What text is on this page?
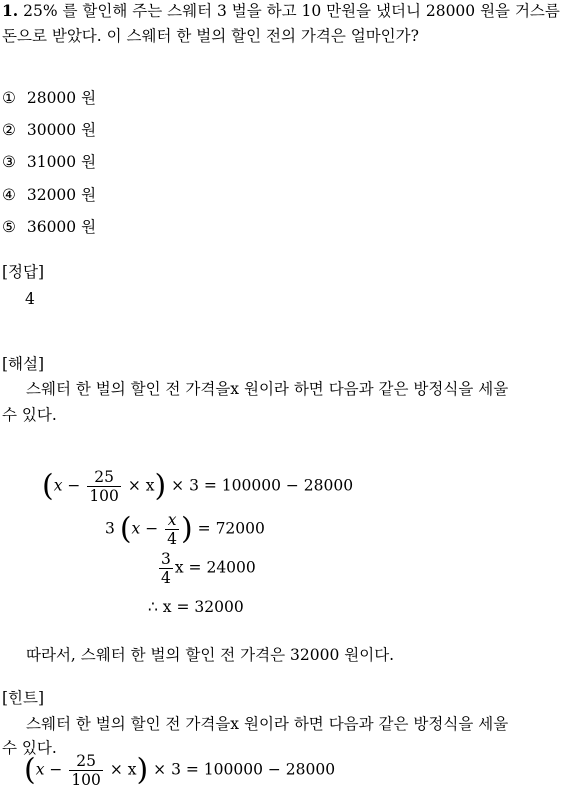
1. 25% 를 할인해 주는 스웨터 3 벌을 하고 10 만원을 냈더니 28000 원을 거스름
돈으로 받았다. 이 스웨터 한 벌의 할인 전의 가격은 얼마인가?
① 28000 원
② 30000 원
③ 31000 원
④ 32000 원
⑤ 36000 원
[정답]
4
[해설]
스웨터 한 벌의 할인 전 가격을x 원이라 하면 다음과 같은 방정식을 세울
수 있다.
$(x - \frac{25}{100} \times x) \times 3 = 100000 - 28000$
3 ($x - \frac{x}{4}$ ) = 72000
$\frac{3}{4}$ x = 24000
∴ x = 32000
따라서, 스웨터 한 벌의 할인 전 가격은 32000 원이다.
[힌트]
스웨터 한 벌의 할인 전 가격을x 원이라 하면 다음과 같은 방정식을 세울
수 있다.
$(x - \frac{25}{100} \times x) \times 3 = 100000 - 28000$
